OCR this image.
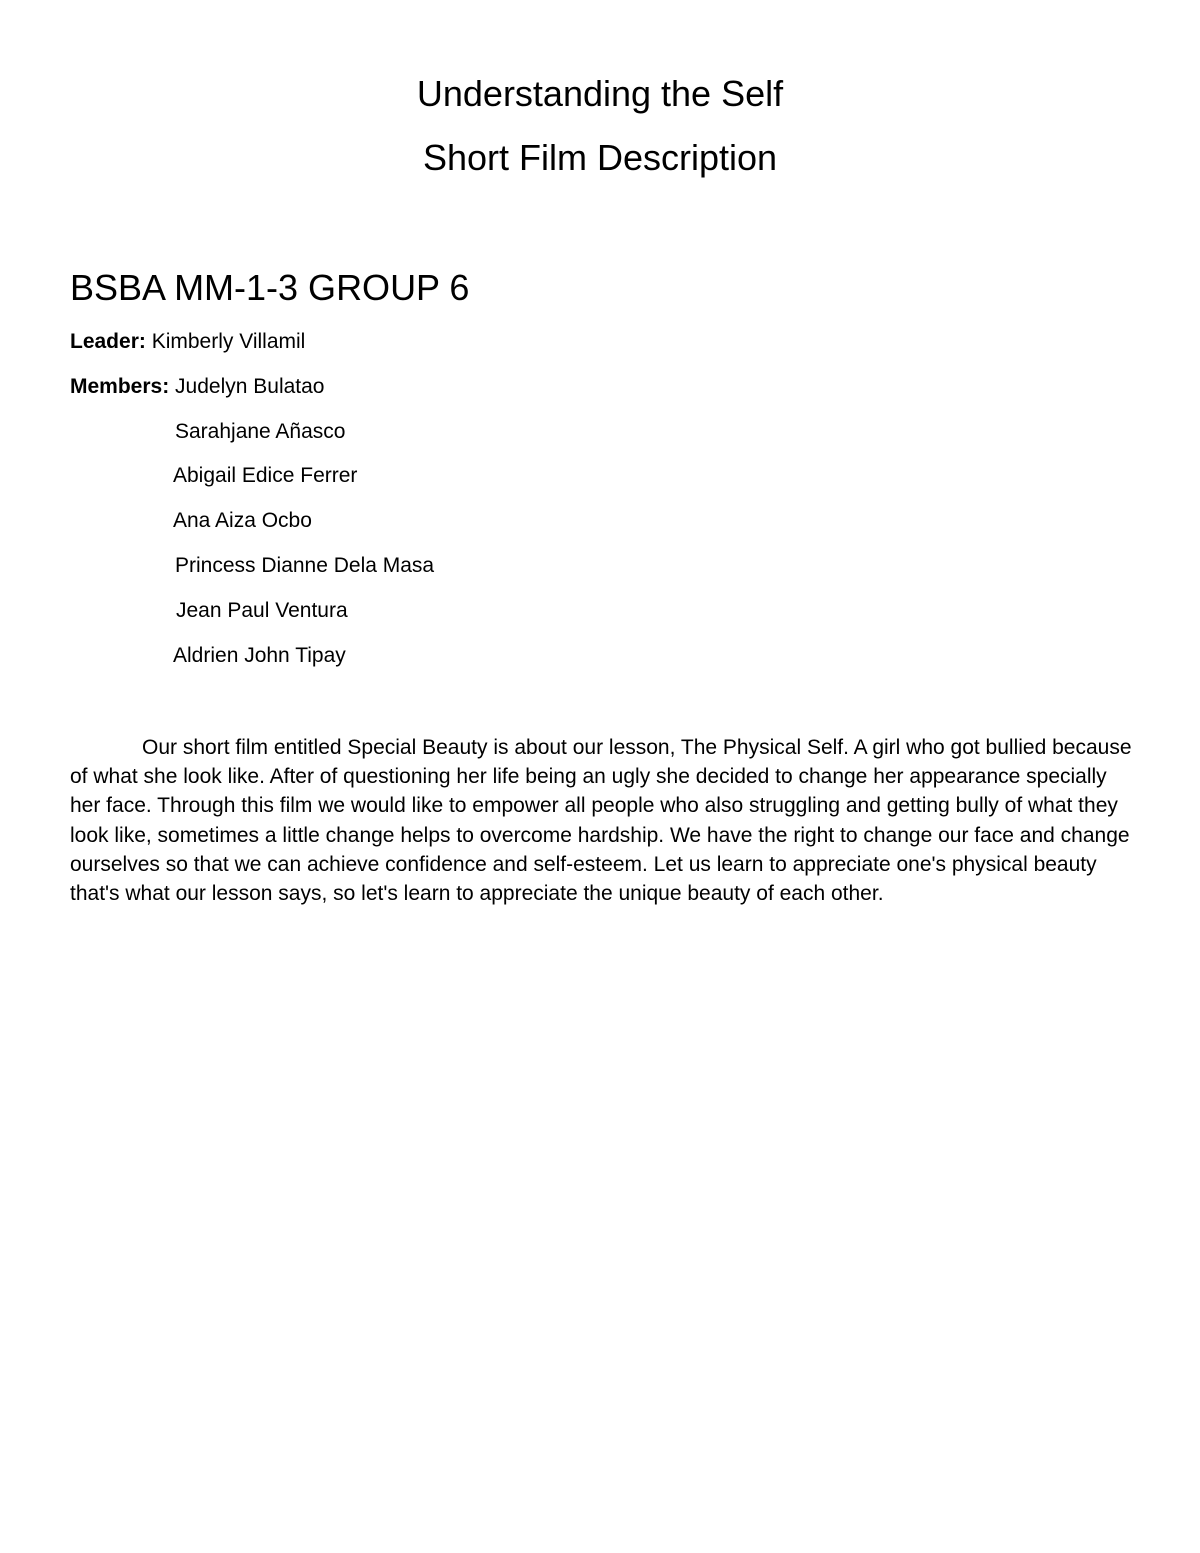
Understanding the Self
Short Film Description
BSBA MM-1-3 GROUP 6
Leader: Kimberly Villamil
Members: Judelyn Bulatao
Sarahjane Añasco
Abigail Edice Ferrer
Ana Aiza Ocbo
Princess Dianne Dela Masa
Jean Paul Ventura
Aldrien John Tipay

Our short film entitled Special Beauty is about our lesson, The Physical Self. A girl who got bullied because of what she look like. After of questioning her life being an ugly she decided to change her appearance specially her face. Through this film we would like to empower all people who also struggling and getting bully of what they look like, sometimes a little change helps to overcome hardship. We have the right to change our face and change ourselves so that we can achieve confidence and self-esteem. Let us learn to appreciate one's physical beauty that's what our lesson says, so let's learn to appreciate the unique beauty of each other.
